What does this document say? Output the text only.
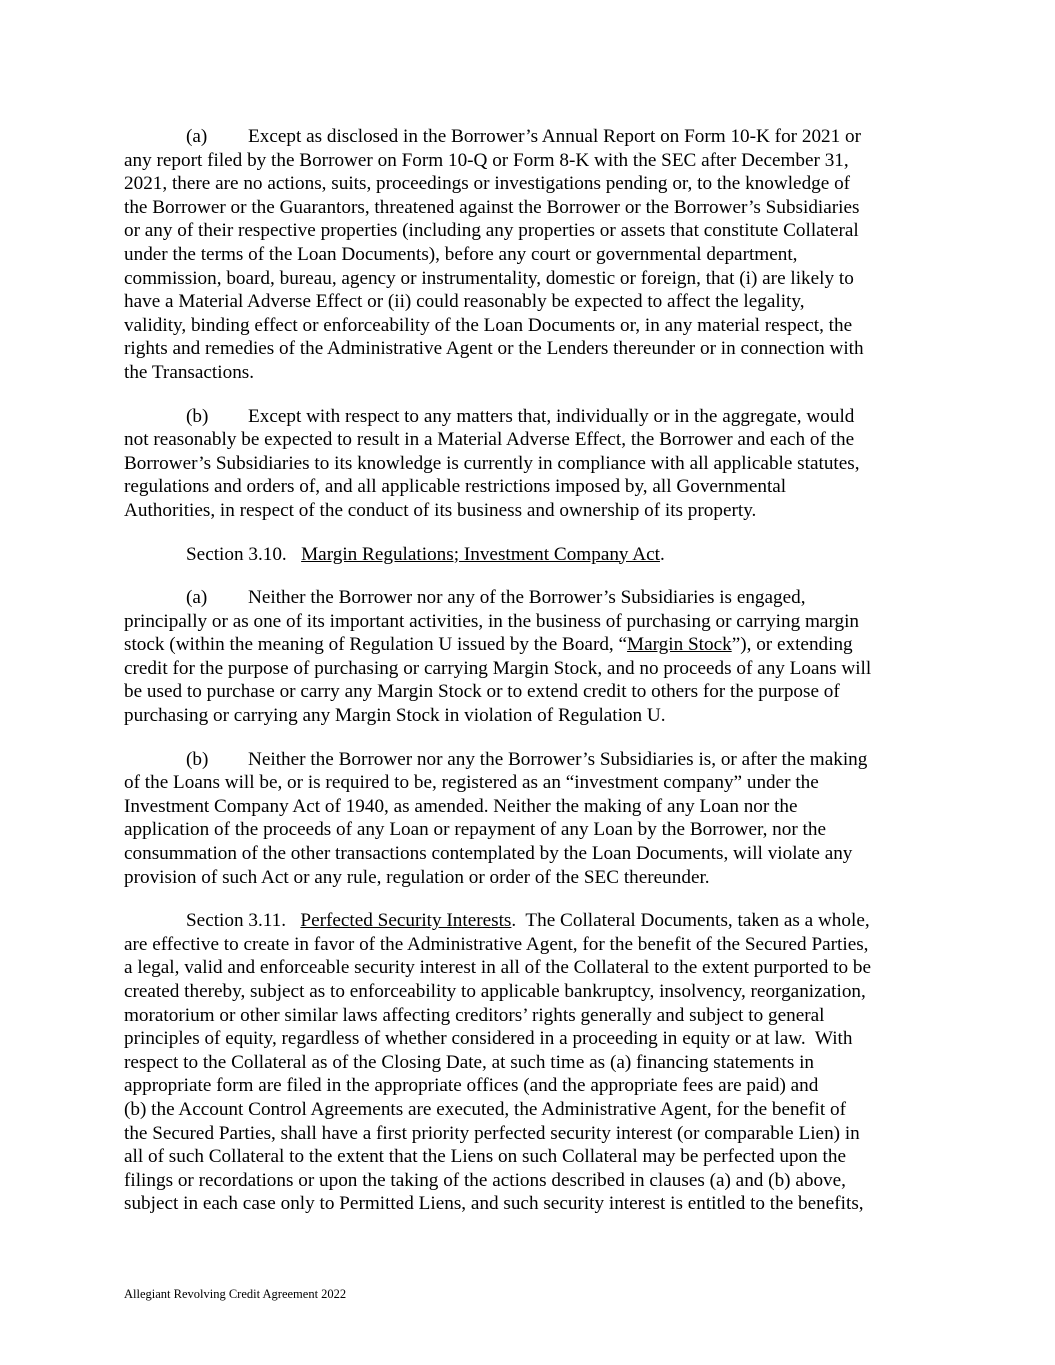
(a) Except as disclosed in the Borrower’s Annual Report on Form 10-K for 2021 or
any report filed by the Borrower on Form 10-Q or Form 8-K with the SEC after December 31,
2021, there are no actions, suits, proceedings or investigations pending or, to the knowledge of
the Borrower or the Guarantors, threatened against the Borrower or the Borrower’s Subsidiaries
or any of their respective properties (including any properties or assets that constitute Collateral
under the terms of the Loan Documents), before any court or governmental department,
commission, board, bureau, agency or instrumentality, domestic or foreign, that (i) are likely to
have a Material Adverse Effect or (ii) could reasonably be expected to affect the legality,
validity, binding effect or enforceability of the Loan Documents or, in any material respect, the
rights and remedies of the Administrative Agent or the Lenders thereunder or in connection with
the Transactions.

(b) Except with respect to any matters that, individually or in the aggregate, would
not reasonably be expected to result in a Material Adverse Effect, the Borrower and each of the
Borrower’s Subsidiaries to its knowledge is currently in compliance with all applicable statutes,
regulations and orders of, and all applicable restrictions imposed by, all Governmental
Authorities, in respect of the conduct of its business and ownership of its property.

Section 3.10. Margin Regulations; Investment Company Act.

(a) Neither the Borrower nor any of the Borrower’s Subsidiaries is engaged,
principally or as one of its important activities, in the business of purchasing or carrying margin
stock (within the meaning of Regulation U issued by the Board, “Margin Stock”), or extending
credit for the purpose of purchasing or carrying Margin Stock, and no proceeds of any Loans will
be used to purchase or carry any Margin Stock or to extend credit to others for the purpose of
purchasing or carrying any Margin Stock in violation of Regulation U.

(b) Neither the Borrower nor any the Borrower’s Subsidiaries is, or after the making
of the Loans will be, or is required to be, registered as an “investment company” under the
Investment Company Act of 1940, as amended. Neither the making of any Loan nor the
application of the proceeds of any Loan or repayment of any Loan by the Borrower, nor the
consummation of the other transactions contemplated by the Loan Documents, will violate any
provision of such Act or any rule, regulation or order of the SEC thereunder.

Section 3.11. Perfected Security Interests.  The Collateral Documents, taken as a whole,
are effective to create in favor of the Administrative Agent, for the benefit of the Secured Parties,
a legal, valid and enforceable security interest in all of the Collateral to the extent purported to be
created thereby, subject as to enforceability to applicable bankruptcy, insolvency, reorganization,
moratorium or other similar laws affecting creditors’ rights generally and subject to general
principles of equity, regardless of whether considered in a proceeding in equity or at law.  With
respect to the Collateral as of the Closing Date, at such time as (a) financing statements in
appropriate form are filed in the appropriate offices (and the appropriate fees are paid) and
(b) the Account Control Agreements are executed, the Administrative Agent, for the benefit of
the Secured Parties, shall have a first priority perfected security interest (or comparable Lien) in
all of such Collateral to the extent that the Liens on such Collateral may be perfected upon the
filings or recordations or upon the taking of the actions described in clauses (a) and (b) above,
subject in each case only to Permitted Liens, and such security interest is entitled to the benefits,

Allegiant Revolving Credit Agreement 2022
